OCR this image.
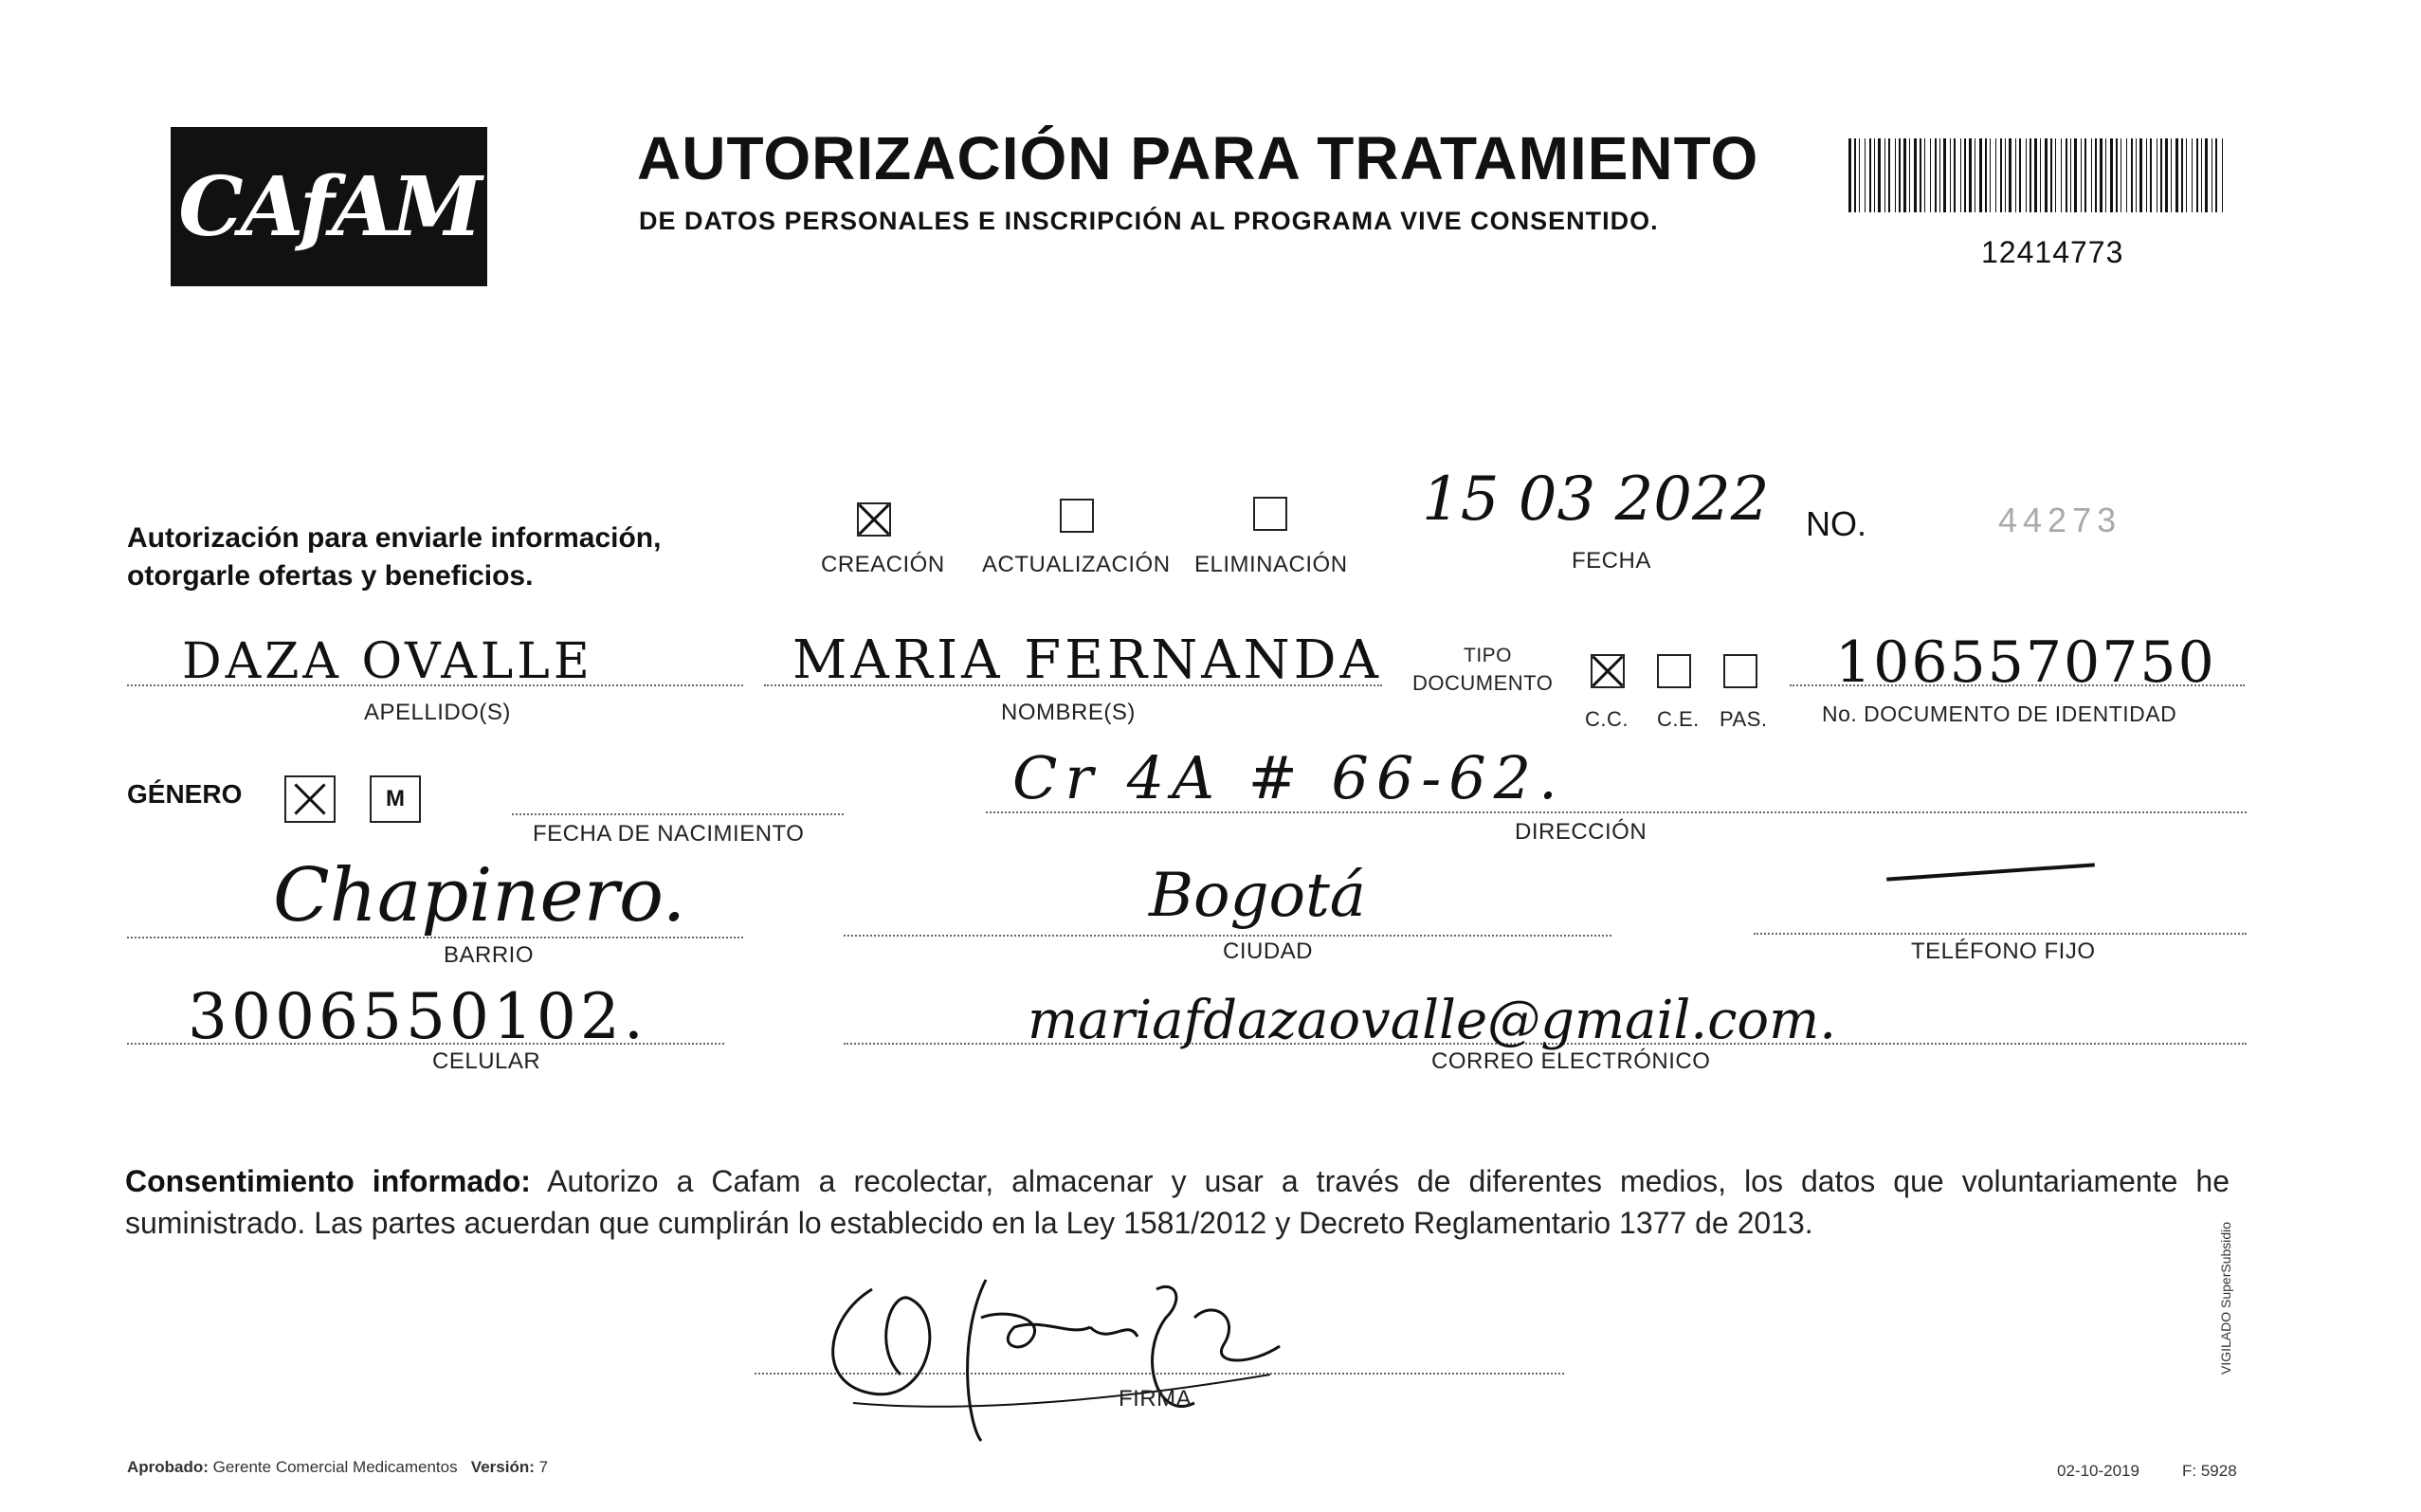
CAfAM
AUTORIZACIÓN PARA TRATAMIENTO
DE DATOS PERSONALES E INSCRIPCIÓN AL PROGRAMA VIVE CONSENTIDO.
12414773
Autorización para enviarle información,
otorgarle ofertas y beneficios.	CREACIÓN ACTUALIZACIÓN ELIMINACIÓN
15 03 2022
FECHA
NO.	44273
DAZA OVALLE
APELLIDO(S)
MARIA FERNANDA
NOMBRE(S)
TIPO
DOCUMENTO
C.C. C.E. PAS.
1065570750
No. DOCUMENTO DE IDENTIDAD
GÉNERO	M
FECHA DE NACIMIENTO
Cr 4A # 66-62.
DIRECCIÓN
Chapinero.
BARRIO
Bogotá
CIUDAD	TELÉFONO FIJO
3006550102.
CELULAR
mariafdazaovalle@gmail.com.
CORREO ELECTRÓNICO
Consentimiento informado: Autorizo a Cafam a recolectar, almacenar y usar a través de diferentes medios, los datos que voluntariamente he suministrado. Las partes acuerdan que cumplirán lo establecido en la Ley 1581/2012 y Decreto Reglamentario 1377 de 2013.
FIRMA
Aprobado: Gerente Comercial Medicamentos Versión: 7	02-10-2019	F: 5928
VIGILADO SuperSubsidio
